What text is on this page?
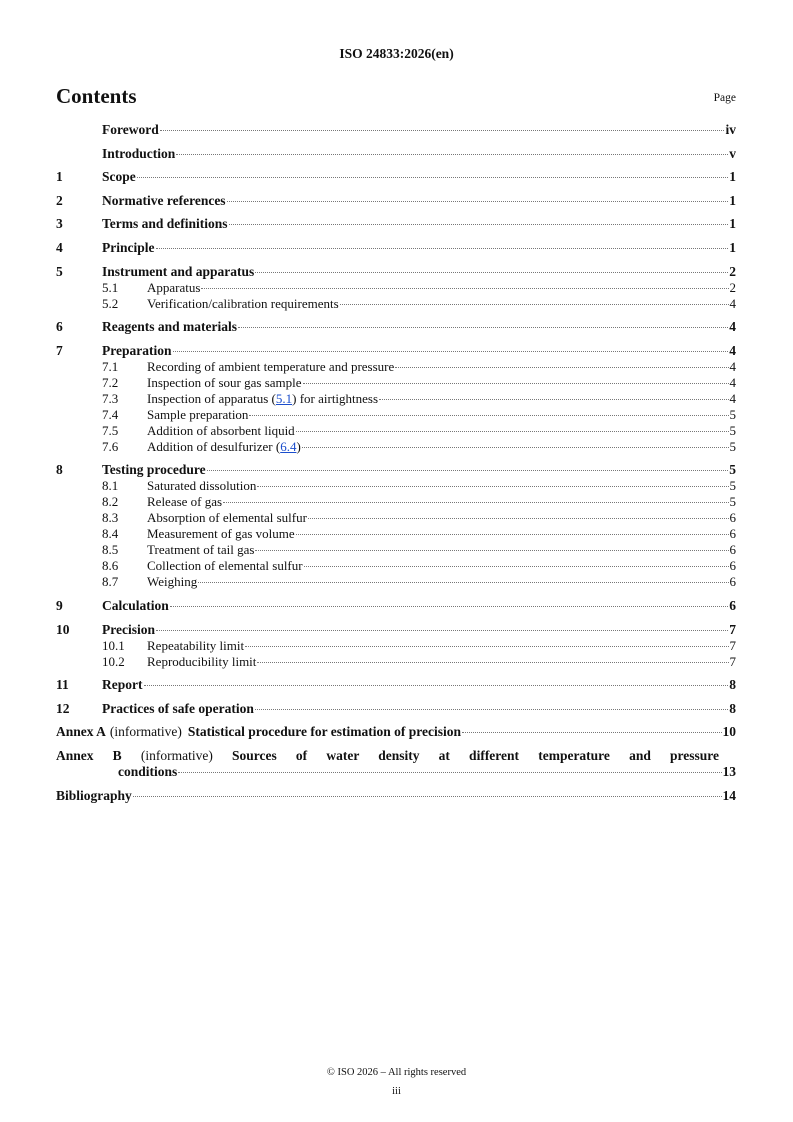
ISO 24833:2026(en)
Contents	Page
Foreword	iv
Introduction	v
1	Scope	1
2	Normative references	1
3	Terms and definitions	1
4	Principle	1
5	Instrument and apparatus	2
5.1	Apparatus	2
5.2	Verification/calibration requirements	4
6	Reagents and materials	4
7	Preparation	4
7.1	Recording of ambient temperature and pressure	4
7.2	Inspection of sour gas sample	4
7.3	Inspection of apparatus (5.1) for airtightness	4
7.4	Sample preparation	5
7.5	Addition of absorbent liquid	5
7.6	Addition of desulfurizer (6.4)	5
8	Testing procedure	5
8.1	Saturated dissolution	5
8.2	Release of gas	5
8.3	Absorption of elemental sulfur	6
8.4	Measurement of gas volume	6
8.5	Treatment of tail gas	6
8.6	Collection of elemental sulfur	6
8.7	Weighing	6
9	Calculation	6
10	Precision	7
10.1	Repeatability limit	7
10.2	Reproducibility limit	7
11	Report	8
12	Practices of safe operation	8
Annex A (informative) Statistical procedure for estimation of precision	10
Annex B (informative) Sources of water density at different temperature and pressure
conditions	13
Bibliography	14
© ISO 2026 – All rights reserved
iii
